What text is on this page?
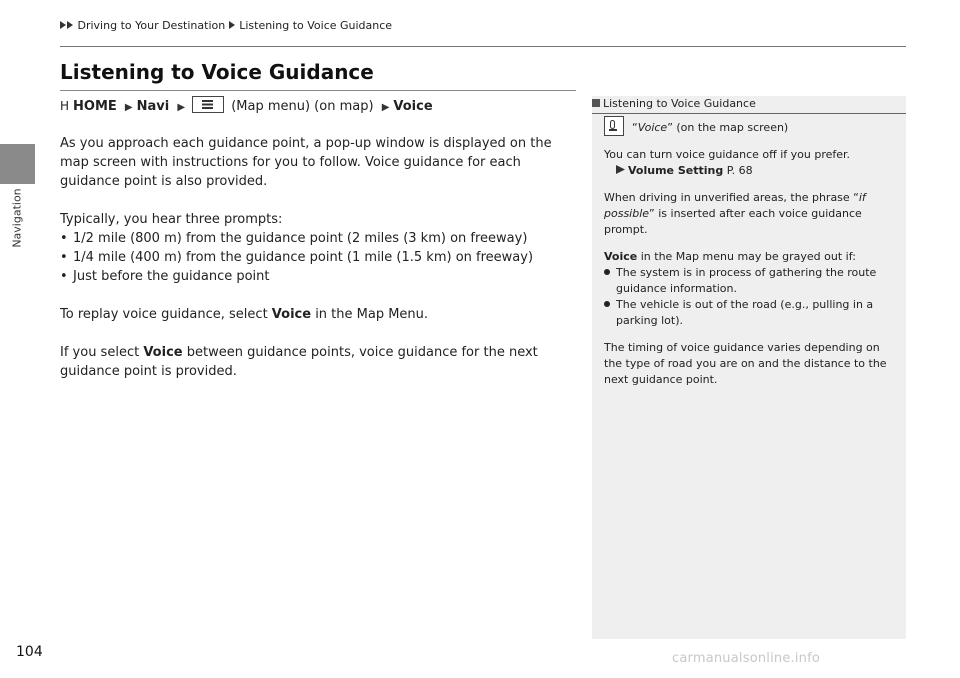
Navigation
Driving to Your Destination Listening to Voice Guidance
Listening to Voice Guidance
H HOME ▶ Navi ▶	(Map menu) (on map) ▶ Voice

As you approach each guidance point, a pop-up window is displayed on the map screen with instructions for you to follow. Voice guidance for each guidance point is also provided.

Typically, you hear three prompts:

• 1/2 mile (800 m) from the guidance point (2 miles (3 km) on freeway)
• 1/4 mile (400 m) from the guidance point (1 mile (1.5 km) on freeway)
• Just before the guidance point

To replay voice guidance, select Voice in the Map Menu.

If you select Voice between guidance points, voice guidance for the next guidance point is provided.

Listening to Voice Guidance

“Voice” (on the map screen)

You can turn voice guidance off if you prefer.

Volume Setting P. 68

When driving in unverified areas, the phrase “if possible” is inserted after each voice guidance prompt.

Voice in the Map menu may be grayed out if:

The system is in process of gathering the route guidance information.

The vehicle is out of the road (e.g., pulling in a parking lot).

The timing of voice guidance varies depending on the type of road you are on and the distance to the next guidance point.

104	carmanualsonline.info
